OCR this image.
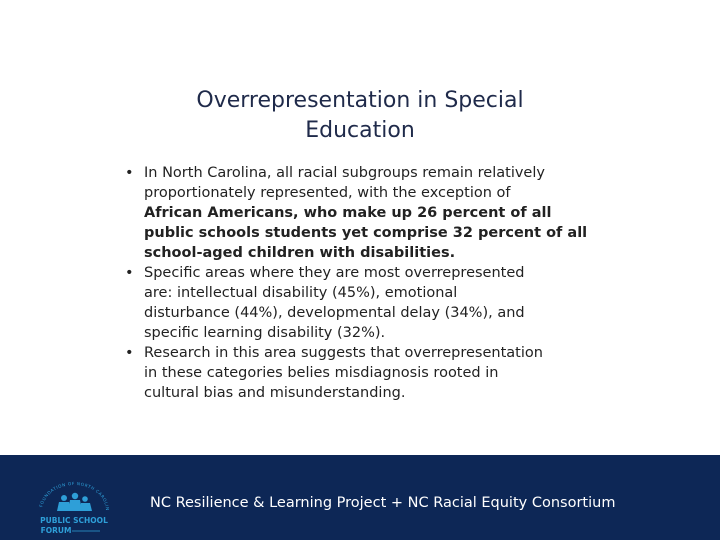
Overrepresentation in Special
Education
• In North Carolina, all racial subgroups remain relatively
proportionately represented, with the exception of
African Americans, who make up 26 percent of all
public schools students yet comprise 32 percent of all
school-aged children with disabilities.
• Specific areas where they are most overrepresented
are: intellectual disability (45%), emotional
disturbance (44%), developmental delay (34%), and
specific learning disability (32%).
• Research in this area suggests that overrepresentation
in these categories belies misdiagnosis rooted in
cultural bias and misunderstanding.
FOUNDATION OF NORTH CAROLIN
PUBLIC SCHOOL
FORUM
NC Resilience & Learning Project + NC Racial Equity Consortium
